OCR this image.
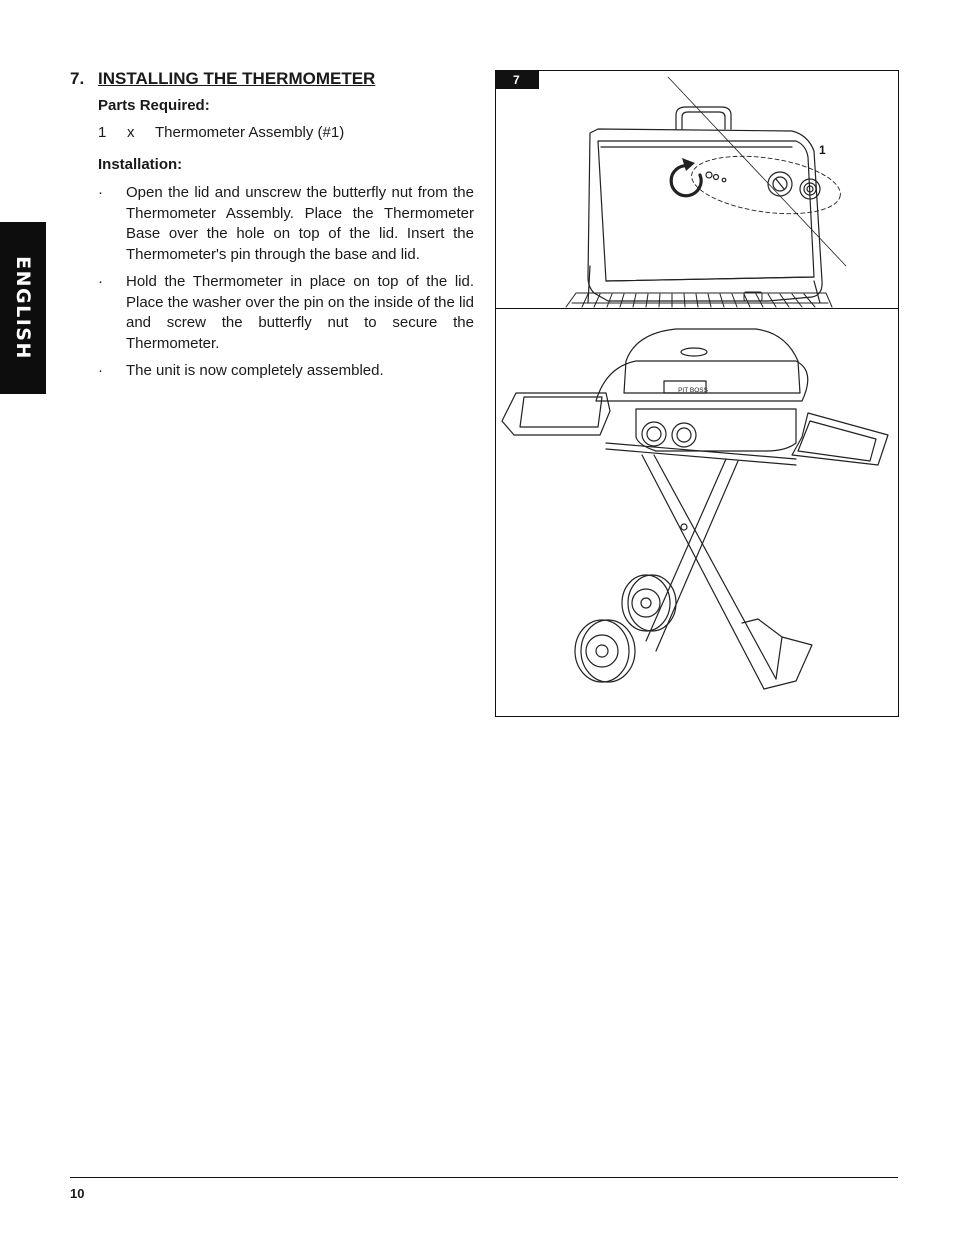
ENGLISH
7. INSTALLING THE THERMOMETER
Parts Required:
1	x	Thermometer Assembly (#1)
Installation:
·	Open the lid and unscrew the butterfly nut from the Thermometer Assembly. Place the Thermometer Base over the hole on top of the lid. Insert the Thermometer's pin through the base and lid.
·	Hold the Thermometer in place on top of the lid. Place the washer over the pin on the inside of the lid and screw the butterfly nut to secure the Thermometer.
·	The unit is now completely assembled.
PIT BOSS
7
1
10
